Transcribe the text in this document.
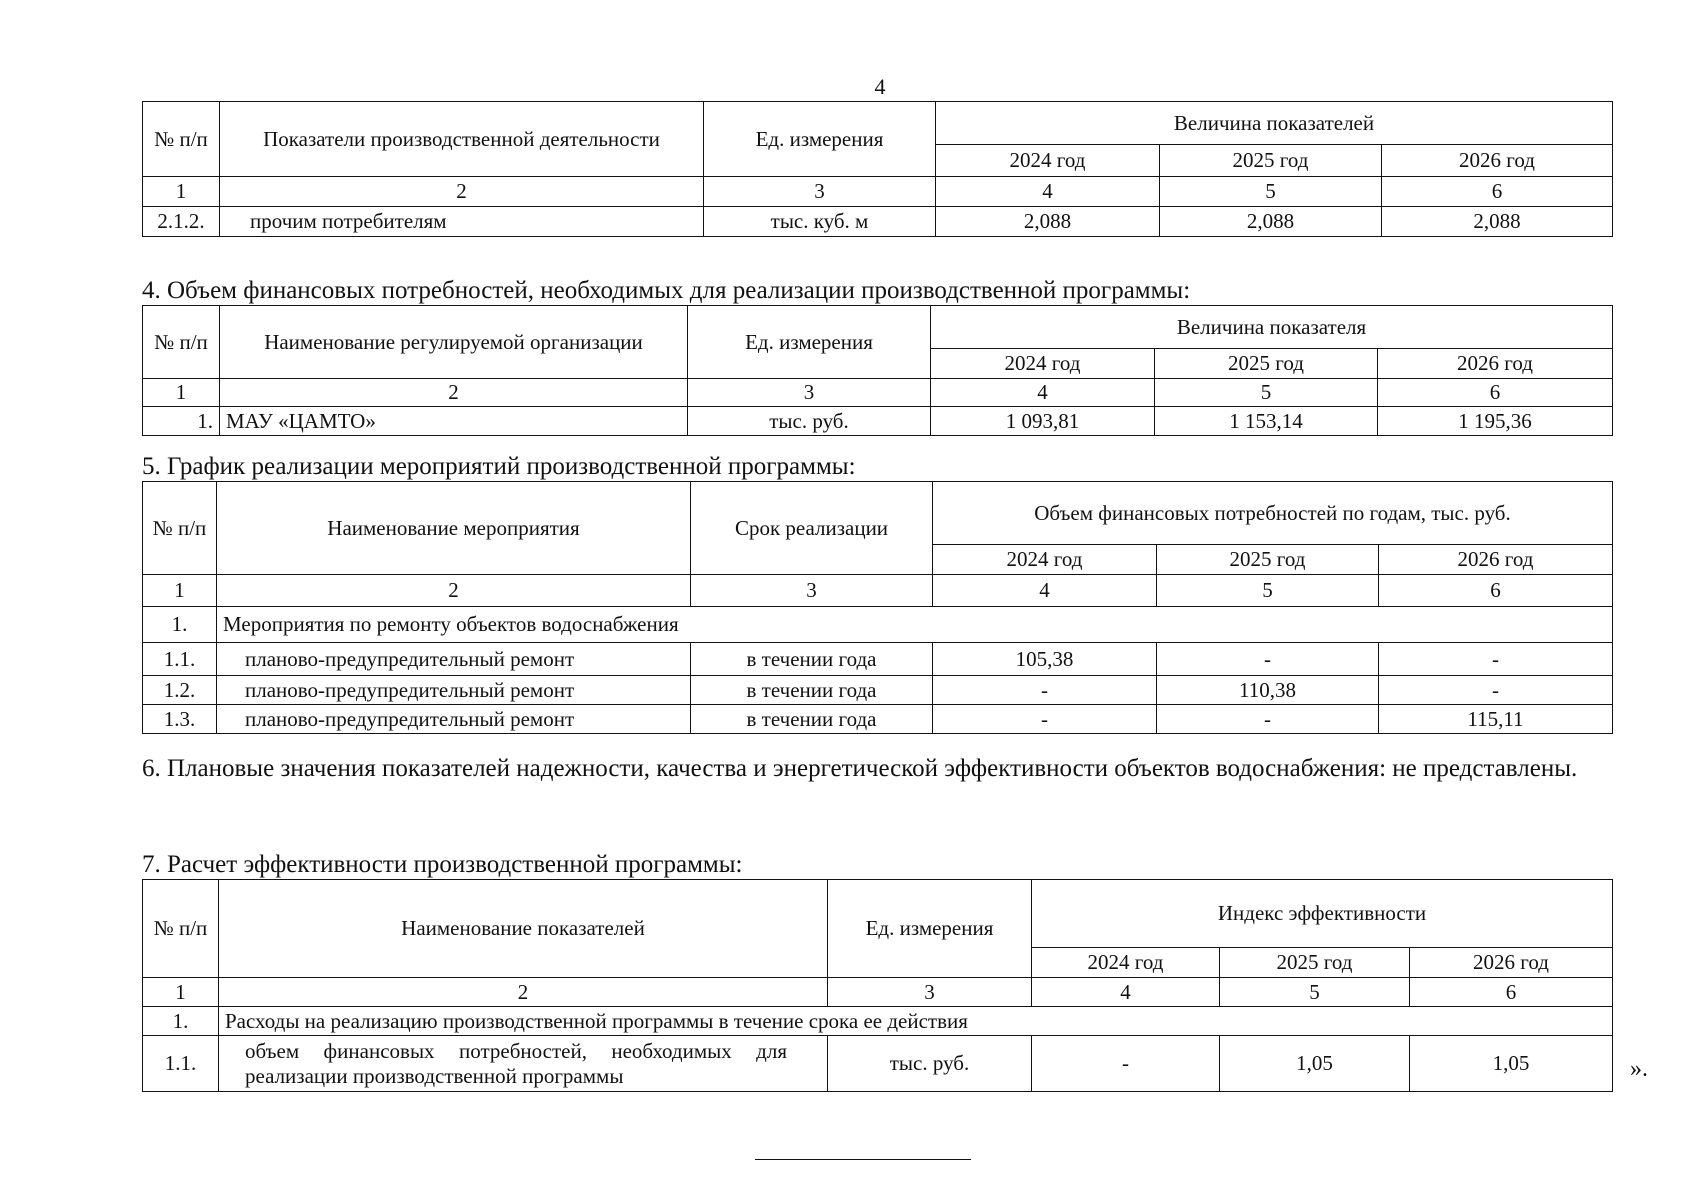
4
№ п/п	Показатели производственной деятельности	Ед. измерения	Величина показателей		
			2024 год	2025 год	2026 год
1	2	3	4	5	6
2.1.2.	прочим потребителям	тыс. куб. м	2,088	2,088	2,088
4. Объем финансовых потребностей, необходимых для реализации производственной программы:
№ п/п	Наименование регулируемой организации	Ед. измерения	Величина показателя		
			2024 год	2025 год	2026 год
1	2	3	4	5	6
1.	МАУ «ЦАМТО»	тыс. руб.	1 093,81	1 153,14	1 195,36
5. График реализации мероприятий производственной программы:
№ п/п	Наименование мероприятия	Срок реализации	Объем финансовых потребностей по годам, тыс. руб.		
			2024 год	2025 год	2026 год
1	2	3	4	5	6
1.	Мероприятия по ремонту объектов водоснабжения				
1.1.	планово-предупредительный ремонт	в течении года	105,38	-	-
1.2.	планово-предупредительный ремонт	в течении года	-	110,38	-
1.3.	планово-предупредительный ремонт	в течении года	-	-	115,11
6. Плановые значения показателей надежности, качества и энергетической эффективности объектов водоснабжения: не представлены.
7. Расчет эффективности производственной программы:
№ п/п	Наименование показателей	Ед. измерения	Индекс эффективности		
			2024 год	2025 год	2026 год
1	2	3	4	5	6
1.	Расходы на реализацию производственной программы в течение срока ее действия				
1.1.	объем финансовых потребностей, необходимых для реализации производственной программы	тыс. руб.	-	1,05	1,05	».
